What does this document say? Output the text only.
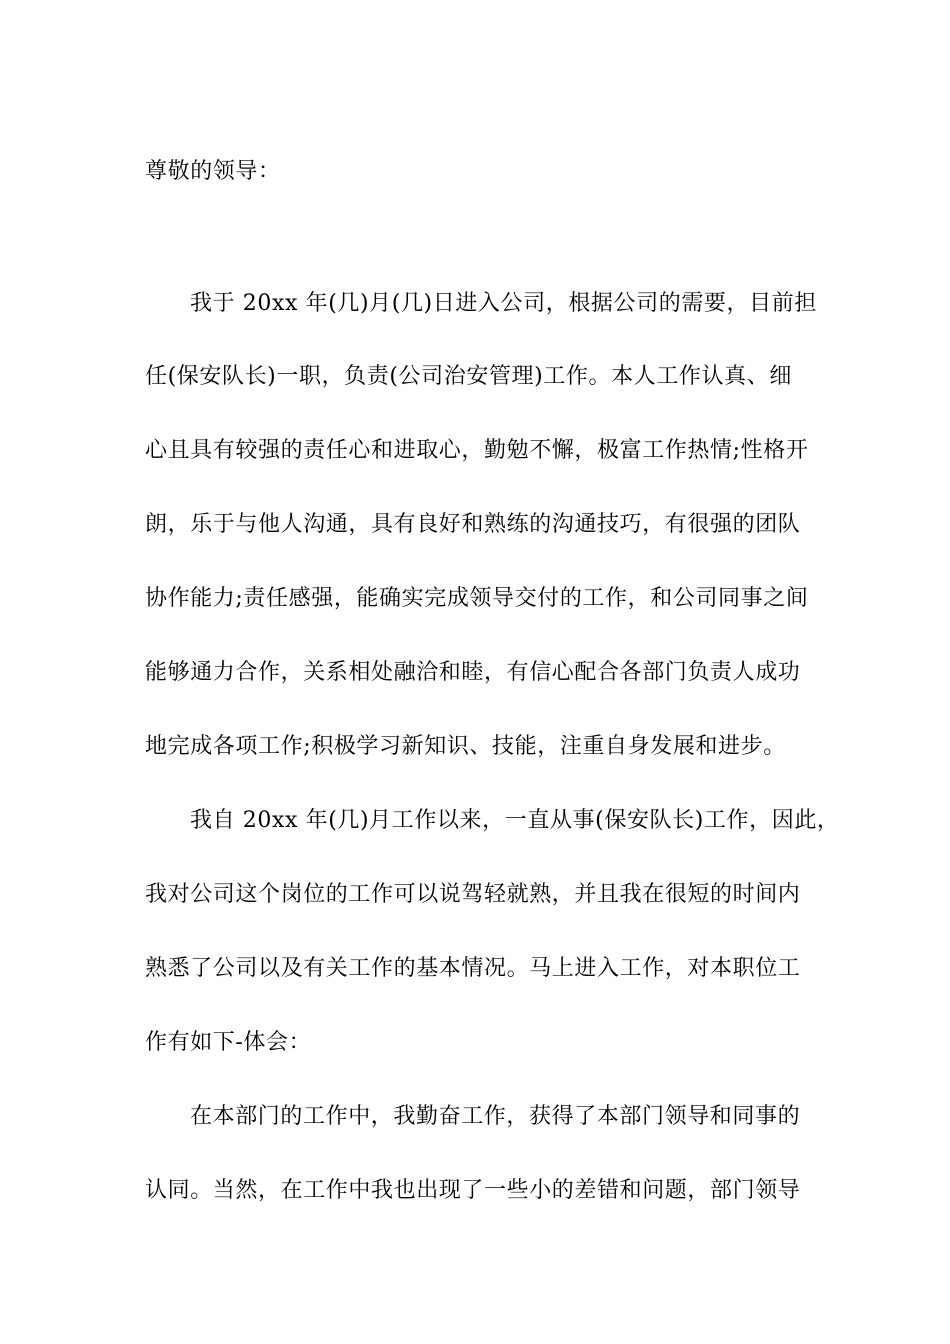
尊敬的领导：
我于 20xx 年(几)月(几)日进入公司，根据公司的需要，目前担
任(保安队长)一职，负责(公司治安管理)工作。本人工作认真、细
心且具有较强的责任心和进取心，勤勉不懈，极富工作热情;性格开
朗，乐于与他人沟通，具有良好和熟练的沟通技巧，有很强的团队
协作能力;责任感强，能确实完成领导交付的工作，和公司同事之间
能够通力合作，关系相处融洽和睦，有信心配合各部门负责人成功
地完成各项工作;积极学习新知识、技能，注重自身发展和进步。
我自 20xx 年(几)月工作以来，一直从事(保安队长)工作，因此，
我对公司这个岗位的工作可以说驾轻就熟，并且我在很短的时间内
熟悉了公司以及有关工作的基本情况。马上进入工作，对本职位工
作有如下-体会：
在本部门的工作中，我勤奋工作，获得了本部门领导和同事的
认同。当然，在工作中我也出现了一些小的差错和问题，部门领导
